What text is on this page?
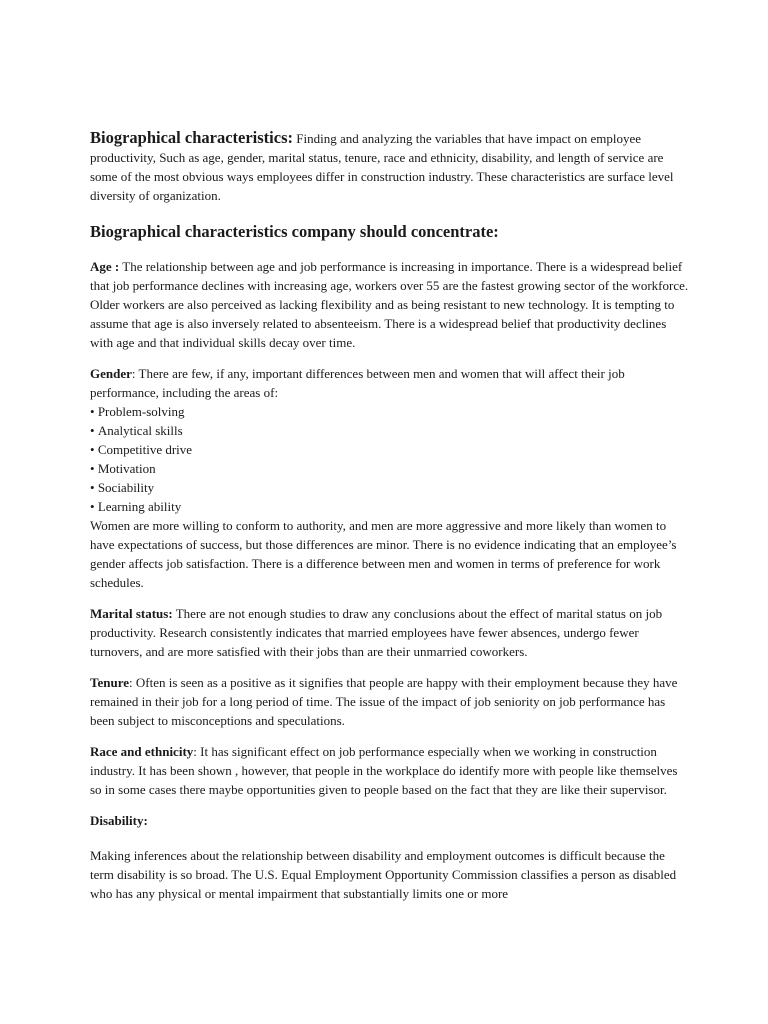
Biographical characteristics: Finding and analyzing the variables that have impact on employee productivity, Such as age, gender, marital status, tenure, race and ethnicity, disability, and length of service are some of the most obvious ways employees differ in construction industry. These characteristics are surface level diversity of organization.

Biographical characteristics company should concentrate:

Age : The relationship between age and job performance is increasing in importance. There is a widespread belief that job performance declines with increasing age, workers over 55 are the fastest growing sector of the workforce. Older workers are also perceived as lacking flexibility and as being resistant to new technology. It is tempting to assume that age is also inversely related to absenteeism. There is a widespread belief that productivity declines with age and that individual skills decay over time.

Gender: There are few, if any, important differences between men and women that will affect their job performance, including the areas of:

• Problem-solving
• Analytical skills
• Competitive drive
• Motivation
• Sociability
• Learning ability

Women are more willing to conform to authority, and men are more aggressive and more likely than women to have expectations of success, but those differences are minor. There is no evidence indicating that an employee’s gender affects job satisfaction. There is a difference between men and women in terms of preference for work schedules.

Marital status: There are not enough studies to draw any conclusions about the effect of marital status on job productivity. Research consistently indicates that married employees have fewer absences, undergo fewer turnovers, and are more satisfied with their jobs than are their unmarried coworkers.

Tenure: Often is seen as a positive as it signifies that people are happy with their employment because they have remained in their job for a long period of time. The issue of the impact of job seniority on job performance has been subject to misconceptions and speculations.

Race and ethnicity: It has significant effect on job performance especially when we working in construction industry. It has been shown , however, that people in the workplace do identify more with people like themselves so in some cases there maybe opportunities given to people based on the fact that they are like their supervisor.

Disability:

Making inferences about the relationship between disability and employment outcomes is difficult because the term disability is so broad. The U.S. Equal Employment Opportunity Commission classifies a person as disabled who has any physical or mental impairment that substantially limits one or more
